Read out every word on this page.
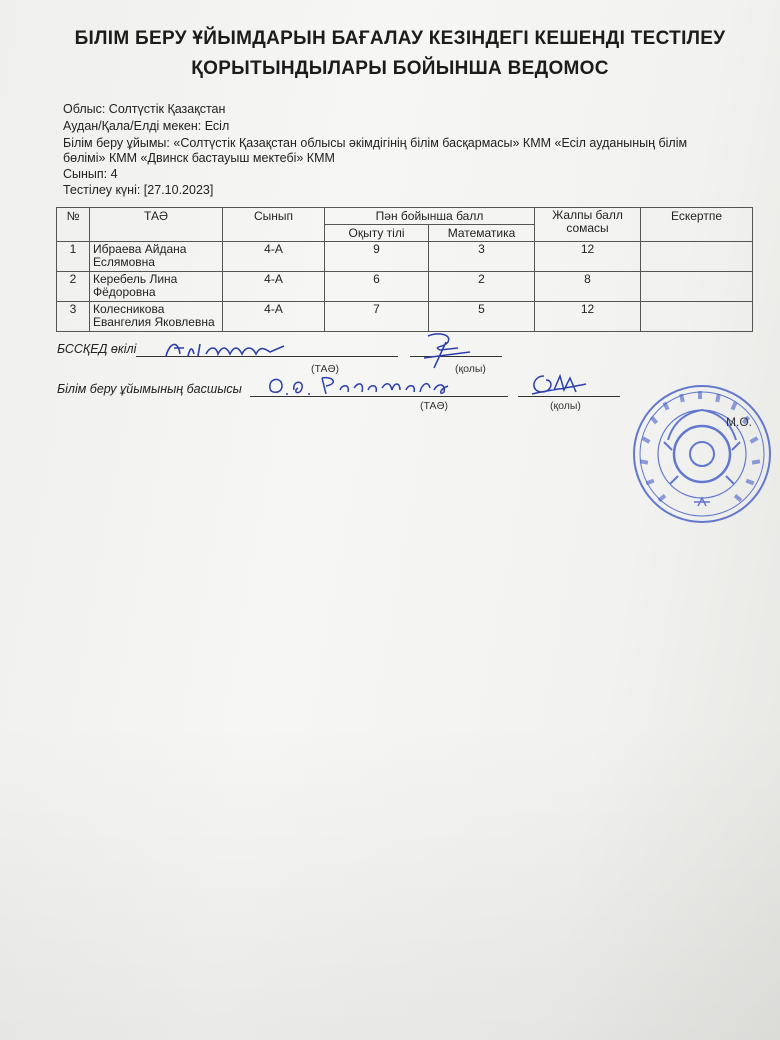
БІЛІМ БЕРУ ҰЙЫМДАРЫН БАҒАЛАУ КЕЗІНДЕГІ КЕШЕНДІ ТЕСТІЛЕУ
ҚОРЫТЫНДЫЛАРЫ БОЙЫНША ВЕДОМОС
Облыс: Солтүстік Қазақстан
Аудан/Қала/Елді мекен: Есіл
Білім беру ұйымы: «Солтүстік Қазақстан облысы әкімдігінің білім басқармасы» КММ «Есіл ауданының білім бөлімі» КММ «Двинск бастауыш мектебі» КММ
Сынып: 4
Тестілеу күні: [27.10.2023]
№	ТАӘ	Сынып	Пән бойынша балл		Жалпы балл сомасы	Ескертпе
			Оқыту тілі	Математика		
1	Ибраева Айдана Еслямовна	4-А	9	3	12	
2	Керебель Лина Фёдоровна	4-А	6	2	8	
3	Колесникова Евангелия Яковлевна	4-А	7	5	12	
БССҚЕД өкілі
(ТАӘ)	(қолы)
Білім беру ұйымының басшысы
(ТАӘ)	(қолы)
М.О.
